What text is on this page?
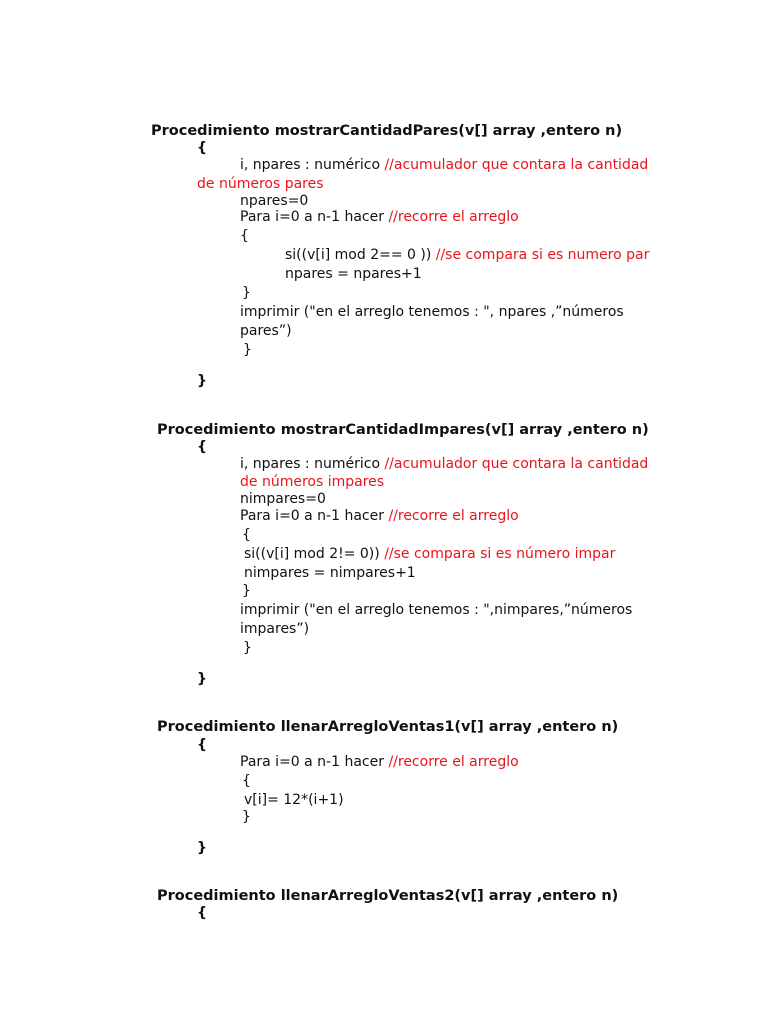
Procedimiento mostrarCantidadPares(v[] array ,entero n)
{
i, npares : numérico //acumulador que contara la cantidad
de números pares
npares=0
Para i=0 a n-1 hacer //recorre el arreglo
{
si((v[i] mod 2== 0 )) //se compara si es numero par
npares = npares+1
}
imprimir ("en el arreglo tenemos : ", npares ,”números
pares”)
}
}
Procedimiento mostrarCantidadImpares(v[] array ,entero n)
{
i, npares : numérico //acumulador que contara la cantidad
de números impares
nimpares=0
Para i=0 a n-1 hacer //recorre el arreglo
{
si((v[i] mod 2!= 0)) //se compara si es número impar
nimpares = nimpares+1
}
imprimir ("en el arreglo tenemos : ",nimpares,”números
impares”)
}
}
Procedimiento llenarArregloVentas1(v[] array ,entero n)
{
Para i=0 a n-1 hacer //recorre el arreglo
{
v[i]= 12*(i+1)
}
}
Procedimiento llenarArregloVentas2(v[] array ,entero n)
{
